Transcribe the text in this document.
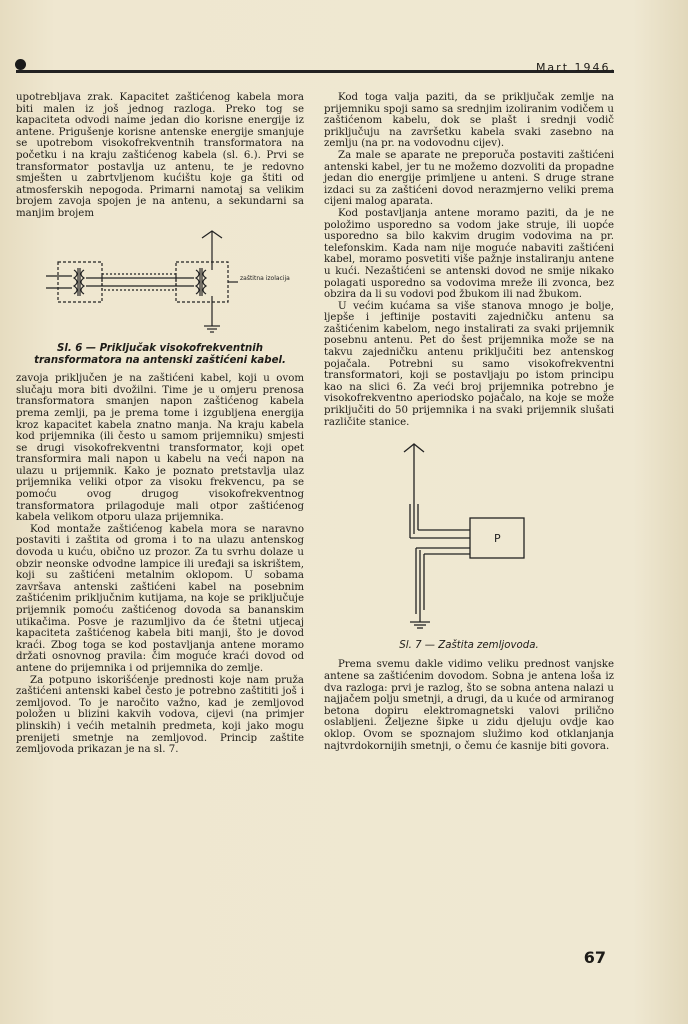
Mart 1946.

upotrebljava zrak. Kapacitet zaštićenog kabela mora biti malen iz još jednog razloga. Preko tog se kapaciteta odvodi naime jedan dio korisne energije iz antene. Prigušenje korisne antenske energije smanjuje se upotrebom visokofrekventnih transformatora na početku i na kraju zaštićenog kabela (sl. 6.). Prvi se transformator postavlja uz antenu, te je redovno smješten u zabrtvljenom kućištu koje ga štiti od atmosferskih nepogoda. Primarni namotaj sa velikim brojem zavoja spojen je na antenu, a sekundarni sa manjim brojem

zaštitna izolacija
Sl. 6 — Priključak visokofrekventnih transformatora na antenski zaštićeni kabel.

zavoja priključen je na zaštićeni kabel, koji u ovom slučaju mora biti dvožilni. Time je u omjeru prenosa transformatora smanjen napon zaštićenog kabela prema zemlji, pa je prema tome i izgubljena energija kroz kapacitet kabela znatno manja. Na kraju kabela kod prijemnika (ili često u samom prijemniku) smjesti se drugi visokofrekventni transformator, koji opet transformira mali napon u kabelu na veći napon na ulazu u prijemnik. Kako je poznato pretstavlja ulaz prijemnika veliki otpor za visoku frekvencu, pa se pomoću ovog drugog visokofrekventnog transformatora prilagoduje mali otpor zaštićenog kabela velikom otporu ulaza prijemnika.

Kod montaže zaštićenog kabela mora se naravno postaviti i zaštita od groma i to na ulazu antenskog dovoda u kuću, obično uz prozor. Za tu svrhu dolaze u obzir neonske odvodne lampice ili uređaji sa iskrištem, koji su zaštićeni metalnim oklopom. U sobama završava antenski zaštićeni kabel na posebnim zaštićenim priključnim kutijama, na koje se priključuje prijemnik pomoću zaštićenog dovoda sa bananskim utikačima. Posve je razumljivo da će štetni utjecaj kapaciteta zaštićenog kabela biti manji, što je dovod kraći. Zbog toga se kod postavljanja antene moramo držati osnovnog pravila: čim moguće kraći dovod od antene do prijemnika i od prijemnika do zemlje.

Za potpuno iskorišćenje prednosti koje nam pruža zaštićeni antenski kabel često je potrebno zaštititi još i zemljovod. To je naročito važno, kad je zemljovod položen u blizini kakvih vodova, cijevi (na primjer plinskih) i većih metalnih predmeta, koji jako mogu prenijeti smetnje na zemljovod. Princip zaštite zemljovoda prikazan je na sl. 7.

Kod toga valja paziti, da se priključak zemlje na prijemniku spoji samo sa srednjim izoliranim vodičem u zaštićenom kabelu, dok se plašt i srednji vodič priključuju na završetku kabela svaki zasebno na zemlju (na pr. na vodovodnu cijev).

Za male se aparate ne preporuča postaviti zaštićeni antenski kabel, jer tu ne možemo dozvoliti da propadne jedan dio energije primljene u anteni. S druge strane izdaci su za zaštićeni dovod nerazmjerno veliki prema cijeni malog aparata.

Kod postavljanja antene moramo paziti, da je ne položimo usporedno sa vodom jake struje, ili uopće usporedno sa bilo kakvim drugim vodovima na pr. telefonskim. Kada nam nije moguće nabaviti zaštićeni kabel, moramo posvetiti više pažnje instaliranju antene u kući. Nezaštićeni se antenski dovod ne smije nikako polagati usporedno sa vodovima mreže ili zvonca, bez obzira da li su vodovi pod žbukom ili nad žbukom.

U većim kućama sa više stanova mnogo je bolje, ljepše i jeftinije postaviti zajedničku antenu sa zaštićenim kabelom, nego instalirati za svaki prijemnik posebnu antenu. Pet do šest prijemnika može se na takvu zajedničku antenu priključiti bez antenskog pojačala. Potrebni su samo visokofrekventni transformatori, koji se postavljaju po istom principu kao na slici 6. Za veći broj prijemnika potrebno je visokofrekventno aperiodsko pojačalo, na koje se može priključiti do 50 prijemnika i na svaki prijemnik slušati različite stanice.

P
Sl. 7 — Zaštita zemljovoda.

Prema svemu dakle vidimo veliku prednost vanjske antene sa zaštićenim dovodom. Sobna je antena loša iz dva razloga: prvi je razlog, što se sobna antena nalazi u najjačem polju smetnji, a drugi, da u kuće od armiranog betona dopiru elektromagnetski valovi prilično oslabljeni. Željezne šipke u zidu djeluju ovdje kao oklop. Ovom se spoznajom služimo kod otklanjanja najtvrdokornijih smetnji, o čemu će kasnije biti govora.

67
